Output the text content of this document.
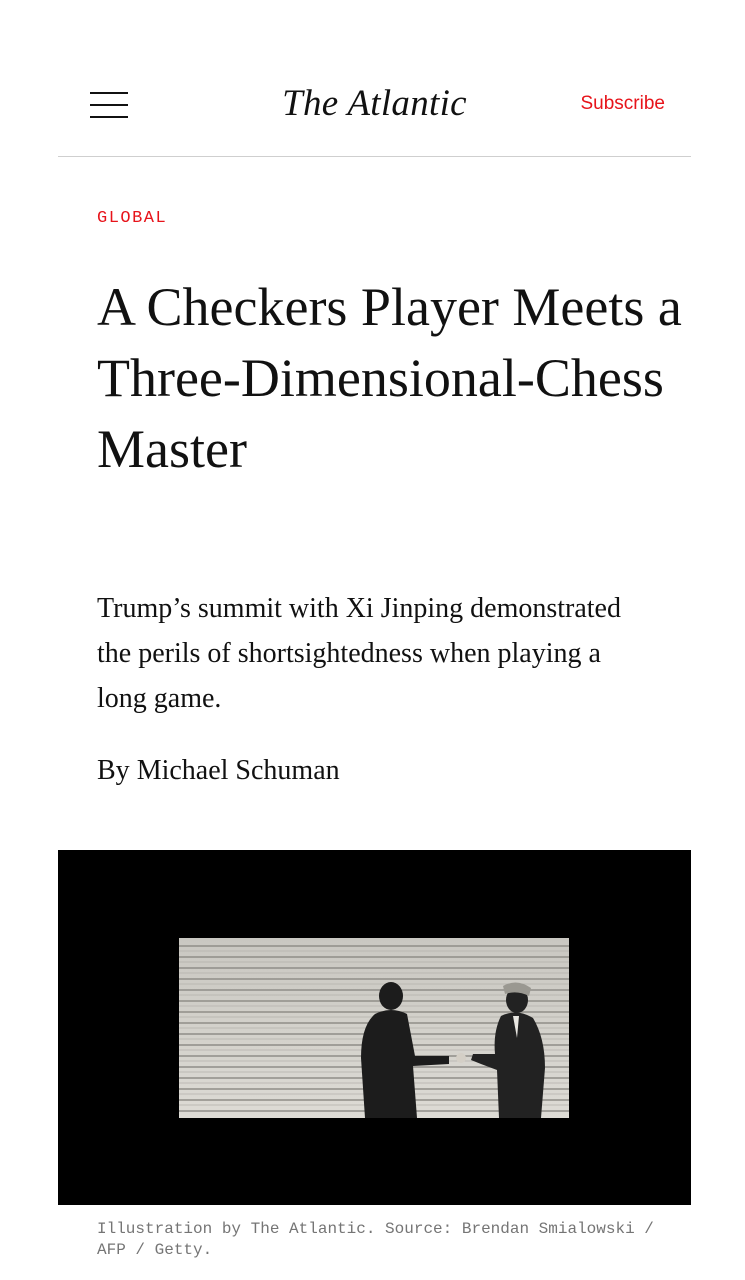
The Atlantic	Subscribe
GLOBAL
A Checkers Player Meets a Three-Dimensional-Chess Master

Trump’s summit with Xi Jinping demonstrated the perils of shortsightedness when playing a long game.

By Michael Schuman

Illustration by The Atlantic. Source: Brendan Smialowski / AFP / Getty.
